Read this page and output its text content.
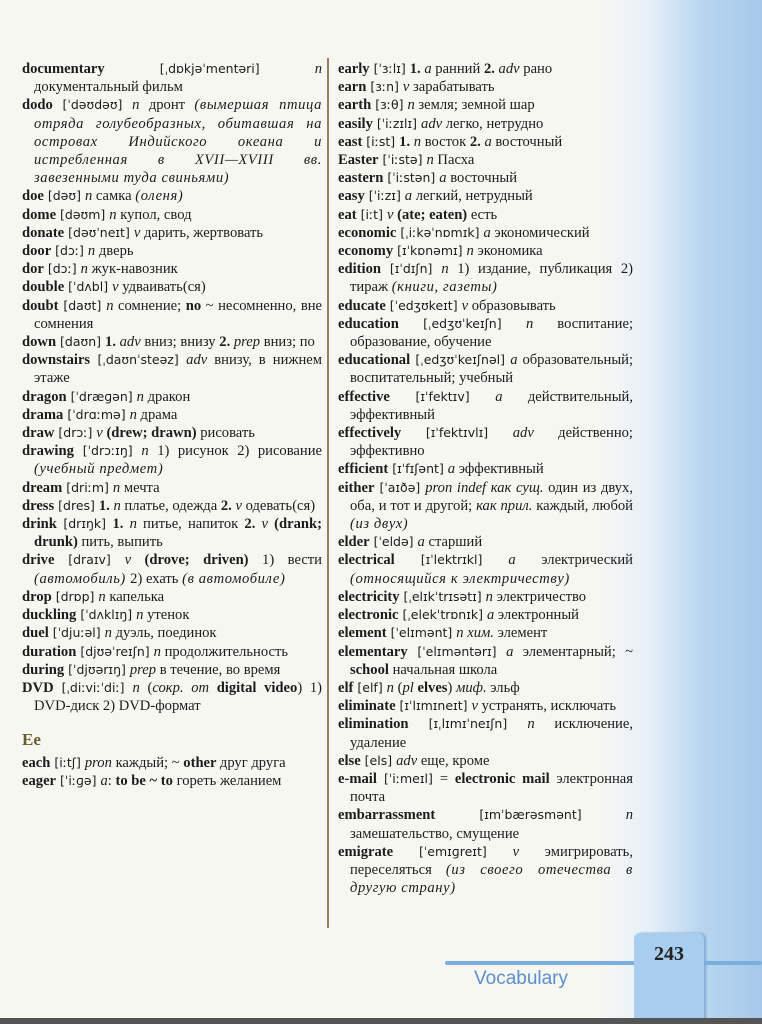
documentary [ˌdɒkjəˈmentəri] n документальный фильм

dodo [ˈdəʊdəʊ] n дронт (вымершая птица отряда голубеобразных, обитавшая на островах Индийского океана и истребленная в XVII—XVIII вв. завезенными туда свиньями)

doe [dəʊ] n самка (оленя)

dome [dəʊm] n купол, свод

donate [dəʊˈneɪt] v дарить, жертвовать

door [dɔː] n дверь

dor [dɔː] n жук-навозник

double [ˈdʌbl] v удваивать(ся)

doubt [daʊt] n сомнение; no ~ несомненно, вне сомнения

down [daʊn] 1. adv вниз; внизу 2. prep вниз; по

downstairs [ˌdaʊnˈsteəz] adv внизу, в нижнем этаже

dragon [ˈdræɡən] n дракон

drama [ˈdrɑːmə] n драма

draw [drɔː] v (drew; drawn) рисовать

drawing [ˈdrɔːɪŋ] n 1) рисунок 2) рисование (учебный предмет)

dream [driːm] n мечта

dress [dres] 1. n платье, одежда 2. v одевать(ся)

drink [drɪŋk] 1. n питье, напиток 2. v (drank; drunk) пить, выпить

drive [draɪv] v (drove; driven) 1) вести (автомобиль) 2) ехать (в автомобиле)

drop [drɒp] n капелька

duckling [ˈdʌklɪŋ] n утенок

duel [ˈdjuːəl] n дуэль, поединок

duration [djʊəˈreɪʃn] n продолжительность

during [ˈdjʊərɪŋ] prep в течение, во время

DVD [ˌdiːviːˈdiː] n (сокр. от digital video) 1) DVD-диск 2) DVD-формат

Ee

each [iːtʃ] pron каждый; ~ other друг друга

eager [ˈiːɡə] a: to be ~ to гореть желанием

early [ˈɜːlɪ] 1. a ранний 2. adv рано

earn [ɜːn] v зарабатывать

earth [ɜːθ] n земля; земной шар

easily [ˈiːzɪlɪ] adv легко, нетрудно

east [iːst] 1. n восток 2. a восточный

Easter [ˈiːstə] n Пасха

eastern [ˈiːstən] a восточный

easy [ˈiːzɪ] a легкий, нетрудный

eat [iːt] v (ate; eaten) есть

economic [ˌiːkəˈnɒmɪk] a экономический

economy [ɪˈkɒnəmɪ] n экономика

edition [ɪˈdɪʃn] n 1) издание, публикация 2) тираж (книги, газеты)

educate [ˈedʒʊkeɪt] v образовывать

education [ˌedʒʊˈkeɪʃn] n воспитание; образование, обучение

educational [ˌedʒʊˈkeɪʃnəl] a образовательный; воспитательный; учебный

effective [ɪˈfektɪv] a действительный, эффективный

effectively [ɪˈfektɪvlɪ] adv действенно; эффективно

efficient [ɪˈfɪʃənt] a эффективный

either [ˈaɪðə] pron indef как сущ. один из двух, оба, и тот и другой; как прил. каждый, любой (из двух)

elder [ˈeldə] a старший

electrical [ɪˈlektrɪkl] a электрический (относящийся к электричеству)

electricity [ˌelɪkˈtrɪsətɪ] n электричество

electronic [ˌelekˈtrɒnɪk] a электронный

element [ˈelɪmənt] n хим. элемент

elementary [ˈelɪməntərɪ] a элементарный; ~ school начальная школа

elf [elf] n (pl elves) миф. эльф

eliminate [ɪˈlɪmɪneɪt] v устранять, исключать

elimination [ɪˌlɪmɪˈneɪʃn] n исключение, удаление

else [els] adv еще, кроме

e-mail [ˈiːmeɪl] = electronic mail электронная почта

embarrassment [ɪmˈbærəsmənt] n замешательство, смущение

emigrate [ˈemɪɡreɪt] v эмигрировать, переселяться (из своего отечества в другую страну)

Vocabulary
243
